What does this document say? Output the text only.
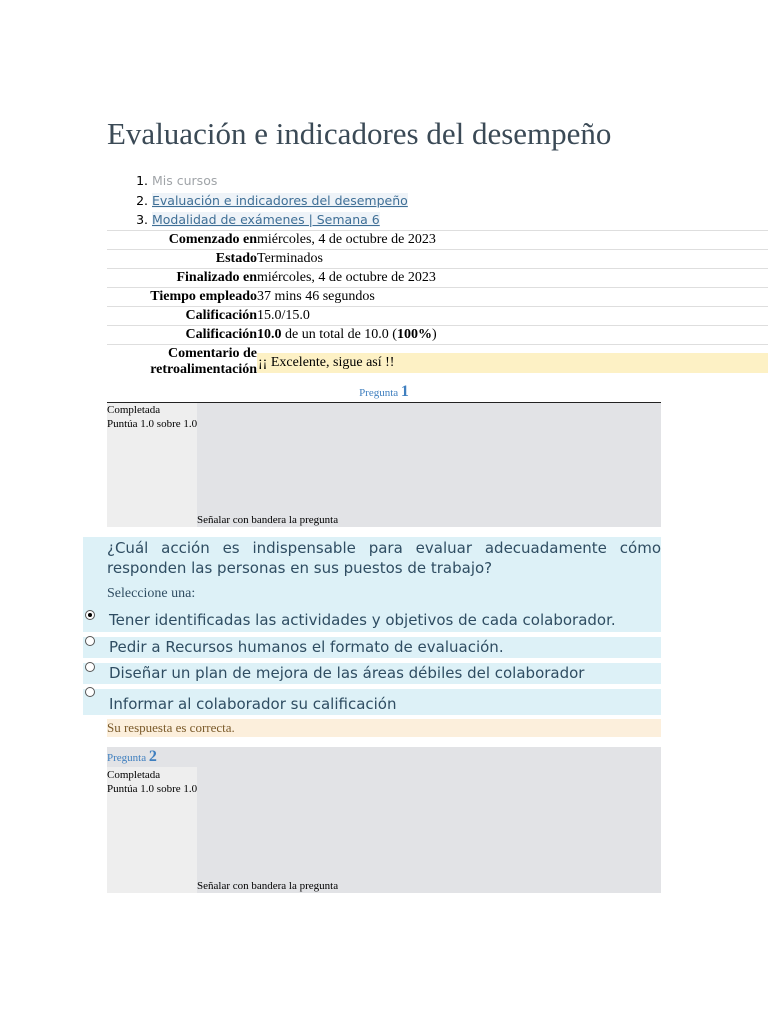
Evaluación e indicadores del desempeño
1. Mis cursos
2. Evaluación e indicadores del desempeño
3. Modalidad de exámenes | Semana 6
Comenzado en miércoles, 4 de octubre de 2023
Estado Terminados
Finalizado en miércoles, 4 de octubre de 2023
Tiempo empleado 37 mins 46 segundos
Calificación 15.0/15.0
Calificación 10.0 de un total de 10.0 (100%)
Comentario de retroalimentación ¡¡ Excelente, sigue así !!
Pregunta 1
Completada
Puntúa 1.0 sobre 1.0
Señalar con bandera la pregunta
¿Cuál acción es indispensable para evaluar adecuadamente cómo responden las personas en sus puestos de trabajo?
Seleccione una:
Tener identificadas las actividades y objetivos de cada colaborador.
Pedir a Recursos humanos el formato de evaluación.
Diseñar un plan de mejora de las áreas débiles del colaborador
Informar al colaborador su calificación
Su respuesta es correcta.
Pregunta 2
Completada
Puntúa 1.0 sobre 1.0
Señalar con bandera la pregunta
